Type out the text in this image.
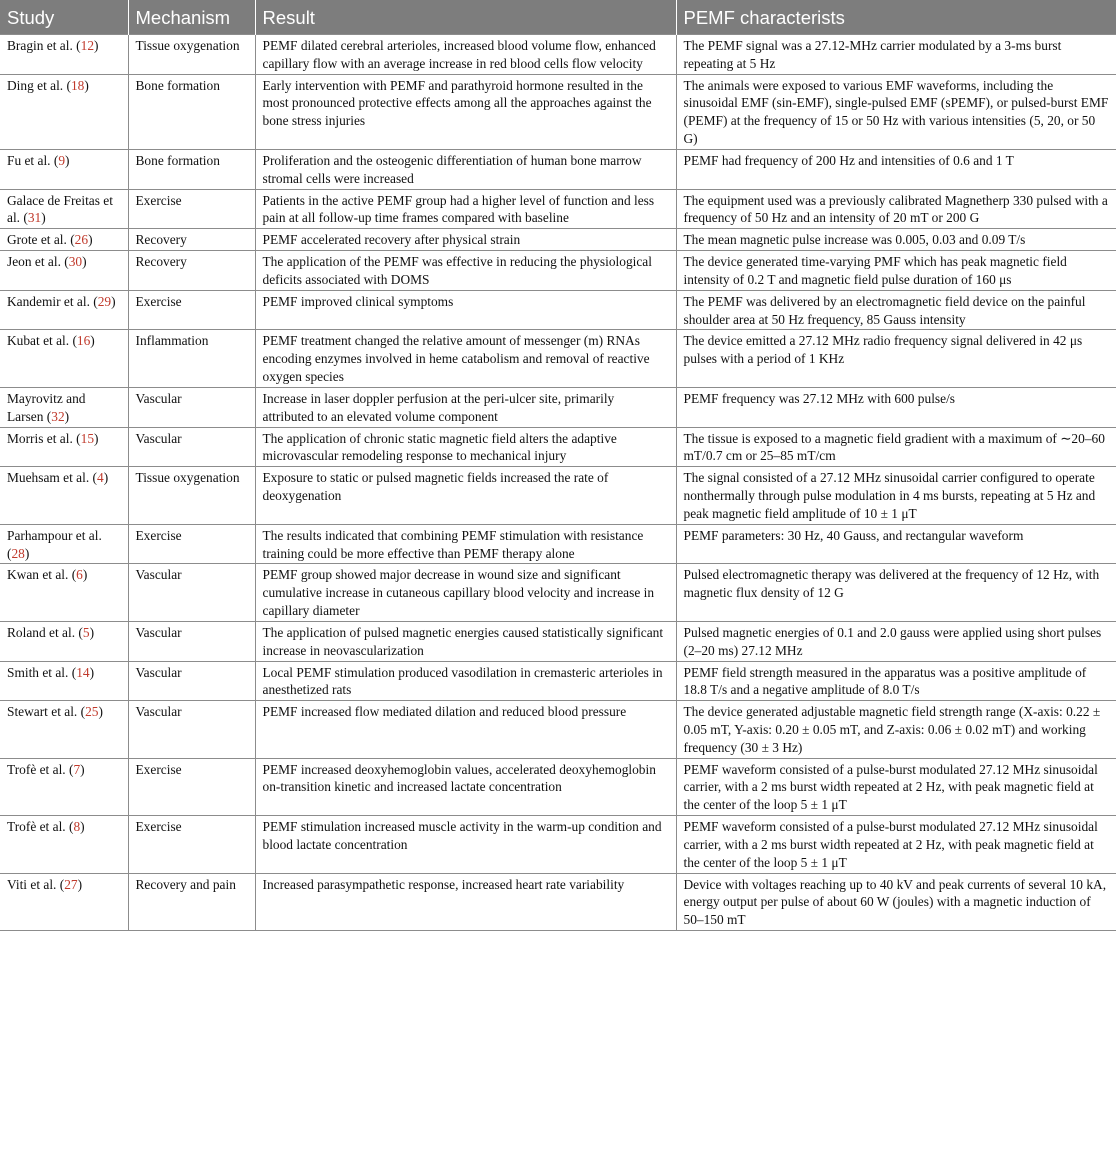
Study	Mechanism	Result	PEMF characterists
Bragin et al. (12)	Tissue oxygenation	PEMF dilated cerebral arterioles, increased blood volume flow, enhanced capillary flow with an average increase in red blood cells flow velocity	The PEMF signal was a 27.12-MHz carrier modulated by a 3-ms burst repeating at 5 Hz
Ding et al. (18)	Bone formation	Early intervention with PEMF and parathyroid hormone resulted in the most pronounced protective effects among all the approaches against the bone stress injuries	The animals were exposed to various EMF waveforms, including the sinusoidal EMF (sin-EMF), single-pulsed EMF (sPEMF), or pulsed-burst EMF (PEMF) at the frequency of 15 or 50 Hz with various intensities (5, 20, or 50 G)
Fu et al. (9)	Bone formation	Proliferation and the osteogenic differentiation of human bone marrow stromal cells were increased	PEMF had frequency of 200 Hz and intensities of 0.6 and 1 T
Galace de Freitas et al. (31)	Exercise	Patients in the active PEMF group had a higher level of function and less pain at all follow-up time frames compared with baseline	The equipment used was a previously calibrated Magnetherp 330 pulsed with a frequency of 50 Hz and an intensity of 20 mT or 200 G
Grote et al. (26)	Recovery	PEMF accelerated recovery after physical strain	The mean magnetic pulse increase was 0.005, 0.03 and 0.09 T/s
Jeon et al. (30)	Recovery	The application of the PEMF was effective in reducing the physiological deficits associated with DOMS	The device generated time-varying PMF which has peak magnetic field intensity of 0.2 T and magnetic field pulse duration of 160 μs
Kandemir et al. (29)	Exercise	PEMF improved clinical symptoms	The PEMF was delivered by an electromagnetic field device on the painful shoulder area at 50 Hz frequency, 85 Gauss intensity
Kubat et al. (16)	Inflammation	PEMF treatment changed the relative amount of messenger (m) RNAs encoding enzymes involved in heme catabolism and removal of reactive oxygen species	The device emitted a 27.12 MHz radio frequency signal delivered in 42 μs pulses with a period of 1 KHz
Mayrovitz and Larsen (32)	Vascular	Increase in laser doppler perfusion at the peri-ulcer site, primarily attributed to an elevated volume component	PEMF frequency was 27.12 MHz with 600 pulse/s
Morris et al. (15)	Vascular	The application of chronic static magnetic field alters the adaptive microvascular remodeling response to mechanical injury	The tissue is exposed to a magnetic field gradient with a maximum of ∼20–60 mT/0.7 cm or 25–85 mT/cm
Muehsam et al. (4)	Tissue oxygenation	Exposure to static or pulsed magnetic fields increased the rate of deoxygenation	The signal consisted of a 27.12 MHz sinusoidal carrier configured to operate nonthermally through pulse modulation in 4 ms bursts, repeating at 5 Hz and peak magnetic field amplitude of 10 ± 1 μT
Parhampour et al. (28)	Exercise	The results indicated that combining PEMF stimulation with resistance training could be more effective than PEMF therapy alone	PEMF parameters: 30 Hz, 40 Gauss, and rectangular waveform
Kwan et al. (6)	Vascular	PEMF group showed major decrease in wound size and significant cumulative increase in cutaneous capillary blood velocity and increase in capillary diameter	Pulsed electromagnetic therapy was delivered at the frequency of 12 Hz, with magnetic flux density of 12 G
Roland et al. (5)	Vascular	The application of pulsed magnetic energies caused statistically significant increase in neovascularization	Pulsed magnetic energies of 0.1 and 2.0 gauss were applied using short pulses (2–20 ms) 27.12 MHz
Smith et al. (14)	Vascular	Local PEMF stimulation produced vasodilation in cremasteric arterioles in anesthetized rats	PEMF field strength measured in the apparatus was a positive amplitude of 18.8 T/s and a negative amplitude of 8.0 T/s
Stewart et al. (25)	Vascular	PEMF increased flow mediated dilation and reduced blood pressure	The device generated adjustable magnetic field strength range (X-axis: 0.22 ± 0.05 mT, Y-axis: 0.20 ± 0.05 mT, and Z-axis: 0.06 ± 0.02 mT) and working frequency (30 ± 3 Hz)
Trofè et al. (7)	Exercise	PEMF increased deoxyhemoglobin values, accelerated deoxyhemoglobin on-transition kinetic and increased lactate concentration	PEMF waveform consisted of a pulse-burst modulated 27.12 MHz sinusoidal carrier, with a 2 ms burst width repeated at 2 Hz, with peak magnetic field at the center of the loop 5 ± 1 μT
Trofè et al. (8)	Exercise	PEMF stimulation increased muscle activity in the warm-up condition and blood lactate concentration	PEMF waveform consisted of a pulse-burst modulated 27.12 MHz sinusoidal carrier, with a 2 ms burst width repeated at 2 Hz, with peak magnetic field at the center of the loop 5 ± 1 μT
Viti et al. (27)	Recovery and pain	Increased parasympathetic response, increased heart rate variability	Device with voltages reaching up to 40 kV and peak currents of several 10 kA, energy output per pulse of about 60 W (joules) with a magnetic induction of 50–150 mT
